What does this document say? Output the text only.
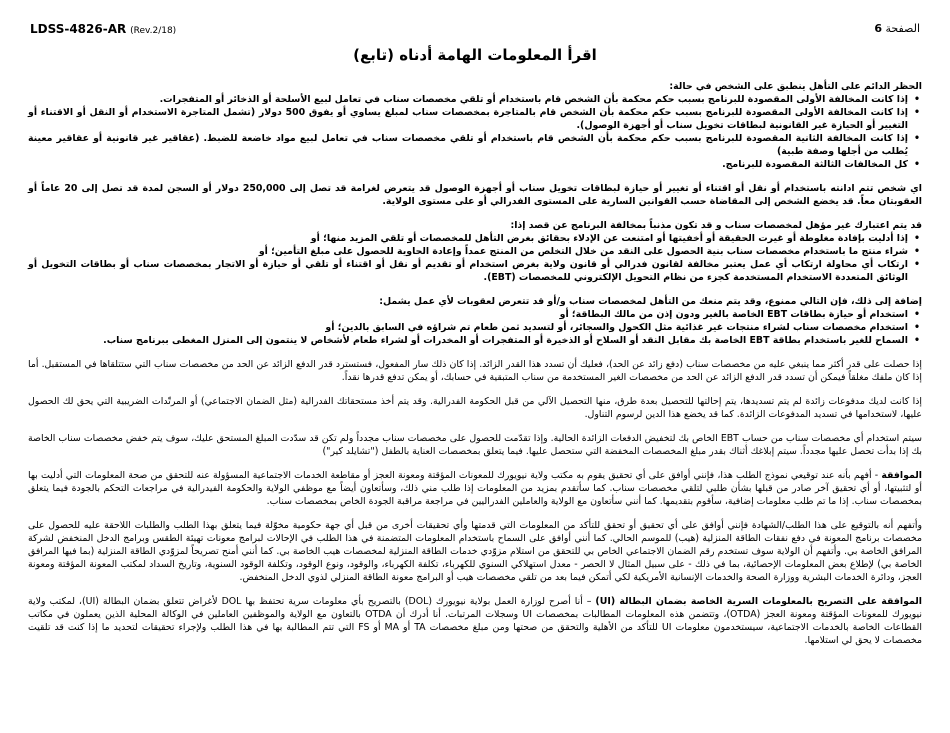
LDSS-4826-AR (Rev.2/18)	الصفحة 6
اقرأ المعلومات الهامة أدناه (تابع)

الحظر الدائم على التأهل ينطبق على الشخص في حالة:

•
إذا كانت المخالفة الأولى المقصودة للبرنامج بسبب حكم محكمة بأن الشخص قام باستخدام أو تلقي مخصصات سناب في تعامل لبيع الأسلحة أو الذخائر أو المتفجرات.
•
إذا كانت المخالفة الأولى المقصودة للبرنامج بسبب حكم محكمة بأن الشخص قام بالمتاجرة بمخصصات سناب لمبلغ يساوي أو يفوق 500 دولار (تشمل المتاجرة الاستخدام أو النقل أو الاقتناء أو التغيير أو الحيازة غير القانونية لبطاقات تخويل سناب أو أجهزة الوصول).
•
إذا كانت المخالفة الثانية المقصودة للبرنامج بسبب حكم محكمة بأن الشخص قام باستخدام أو تلقي مخصصات سناب في تعامل لبيع مواد خاضعة للضبط. (عقاقير غير قانونية أو عقاقير معينة يُطلب من أجلها وصفة طبية)
•
كل المخالفات الثالثة المقصودة للبرنامج.

اي شخص تتم ادانته باستخدام أو نقل أو اقتناء أو تغيير أو حيازة لبطاقات تخويل سناب أو أجهزة الوصول قد يتعرض لغرامة قد تصل إلى 250,000 دولار أو السجن لمدة قد تصل إلى 20 عاماً أو العقوبتان معاً. قد يخضع الشخص إلى المقاضاة حسب القوانين السارية على المستوى الفدرالي أو على مستوى الولاية.

قد يتم اعتبارك غير مؤهل لمخصصات سناب و قد تكون مذنباً بمخالفة البرنامج عن قصد إذا:

•
إذا أدليت بإفادة مغلوطة أو غيرت الحقيقة أو أخفيتها أو امتنعت عن الإدلاء بحقائق بغرض التأهل للمخصصات أو تلقي المزيد منها؛ أو
•
شراء منتج ما باستخدام مخصصات سناب بنية الحصول على النقد من خلال التخلص من المنتج عمداً وإعادة الحاوية للحصول على مبلغ التأمين؛ أو
•
ارتكاب أي محاولة ارتكاب أي عمل يعتبر مخالفة لقانون فدرالي أو قانون ولاية بغرض استخدام أو تقديم أو نقل أو اقتناء أو تلقي أو حيازة أو الاتجار بمخصصات سناب أو بطاقات التخويل أو الوثائق المتعددة الاستخدام المستخدمة كجزء من نظام التحويل الإلكتروني للمخصصات (EBT).

إضافة إلى ذلك، فإن التالي ممنوع، وقد يتم منعك من التأهل لمخصصات سناب و/أو قد تتعرض لعقوبات لأي عمل يشمل:

•
استخدام أو حيازة بطاقات EBT الخاصة بالغير ودون إذن من مالك البطاقة؛ أو
•
استخدام مخصصات سناب لشراء منتجات غير غذائية مثل الكحول والسجائر، أو لتسديد ثمن طعام تم شراؤه في السابق بالدين؛ أو
•
السماح للغير باستخدام بطاقة EBT الخاصة بك مقابل النقد أو السلاح أو الذخيرة أو المتفجرات أو المخدرات أو لشراء طعام لأشخاص لا ينتمون إلى المنزل المغطى ببرنامج سناب.

إذا حصلت على قدر أكثر مما ينبغي عليه من مخصصات سناب (دفع زائد عن الحد)، فعليك أن تسدد هذا القدر الزائد. إذا كان ذلك سار المفعول، فستسترد قدر الدفع الزائد عن الحد من مخصصات سناب التي ستتلقاها في المستقبل. أما إذا كان ملفك مغلقاً فيمكن أن تسدد قدر الدفع الزائد عن الحد من مخصصات الغير المستخدمة من سناب المتبقية في حسابك، أو يمكن تدفع قدرها نقداً.

إذا كانت لديك مدفوعات زائدة لم يتم تسديدها، يتم إحالتها للتحصيل بعدة طرق، منها التحصيل الآلي من قبل الحكومة الفدرالية. وقد يتم أخذ مستحقاتك الفدرالية (مثل الضمان الاجتماعي) أو المرتّدات الضريبية التي يحق لك الحصول عليها، لاستخدامها في تسديد المدفوعات الزائدة. كما قد يخضع هذا الدين لرسوم التناول.

سيتم استخدام أي مخصصات سناب من حساب EBT الخاص بك لتخفيض الدفعات الزائدة الحالية. وإذا تقدّمت للحصول على مخصصات سناب مجدداً ولم تكن قد سدّدت المبلغ المستحق عليك، سوف يتم خفض مخصصات سناب الخاصة بك إذا بدأت تحصل عليها مجدداً. سيتم إبلاغك أثناك بقدر مبلغ المخصصات المخفضة التي ستحصل عليها. فيما يتعلق بمخصصات العناية بالطفل ("تشايلد كير")

الموافقة - أفهم بأنه عند توقيعي نموذج الطلب هذا، فإنني أوافق على أي تحقيق يقوم به مكتب ولاية نيويورك للمعونات المؤقتة ومعونة العجز أو مقاطعة الخدمات الاجتماعية المسؤولة عنه للتحقق من صحة المعلومات التي أدليت بها أو لتثبيتها، أو أي تحقيق آخر صادر من قبلها بشأن طلبي لتلقي مخصصات سناب. كما سأتقدم بمزيد من المعلومات إذا طلب مني ذلك، وسأتعاون أيضاً مع موظفي الولاية والحكومة الفيدرالية في مراجعات التحكم بالجودة فيما يتعلق بمخصصات سناب. إذا ما تم طلب معلومات إضافية، سأقوم بتقديمها. كما أنني سأتعاون مع الولاية والعاملين الفدراليين في مراجعة مراقبة الجودة الخاص بمخصصات سناب.

وأتفهم أنه بالتوقيع على هذا الطلب/الشهادة فإنني أوافق على أي تحقيق أو تحقق للتأكد من المعلومات التي قدمتها وأي تحقيقات أخرى من قبل أي جهة حكومية مخوّلة فيما يتعلق بهذا الطلب والطلبات اللاحقة عليه للحصول على مخصصات برنامج المعونة في دفع نفقات الطاقة المنزلية (هيب) للموسم الحالي. كما أنني أوافق على السماح باستخدام المعلومات المتضمنة في هذا الطلب في الإحالات لبرامج معونات تهيئة الطقس وبرامج الدخل المنخفض لشركة المرافق الخاصة بي. وأتفهم أن الولاية سوف تستخدم رقم الضمان الاجتماعي الخاص بي للتحقق من استلام مزوّدي خدمات الطاقة المنزلية لمخصصات هيب الخاصة بي. كما أنني أمنح تصريحاً لمزوّدي الطاقة المنزلية (بما فيها المرافق الخاصة بي) لإطلاع بعض المعلومات الإحصائية، بما في ذلك - على سبيل المثال لا الحصر - معدل استهلاكي السنوي للكهرباء، تكلفة الكهرباء، والوقود، ونوع الوقود، وتكلفة الوقود السنوية، وتاريخ السداد لمكتب المعونة المؤقتة ومعونة العجز، ودائرة الخدمات البشرية ووزارة الصحة والخدمات الإنسانية الأمريكية لكي أتمكن فيما بعد من تلقي مخصصات هيب أو البرامج معونة الطاقة المنزلي لذوي الدخل المنخفض.

الموافقة على التصريح بالمعلومات السرية الخاصة بضمان البطالة (UI) – أنا أصرح لوزارة العمل بولاية نيويورك (DOL) بالتصريح بأي معلومات سرية تحتفظ بها DOL لأغراض تتعلق بضمان البطالة (UI)، لمكتب ولاية نيويورك للمعونات المؤقتة ومعونة العجز (OTDA)، وتتضمن هذه المعلومات المطالبات بمخصصات UI وسجلات المرتبات. أنا أدرك أن OTDA بالتعاون مع الولاية والموظفين العاملين في الوكالة المحلية الذين يعملون في مكاتب القطاعات الخاصة بالخدمات الاجتماعية، سيستخدمون معلومات UI للتأكد من الأهلية والتحقق من صحتها ومن مبلغ مخصصات TA أو MA أو FS التي تتم المطالبة بها في هذا الطلب ولإجراء تحقيقات لتحديد ما إذا كنت قد تلقيت مخصصات لا يحق لي استلامها.
